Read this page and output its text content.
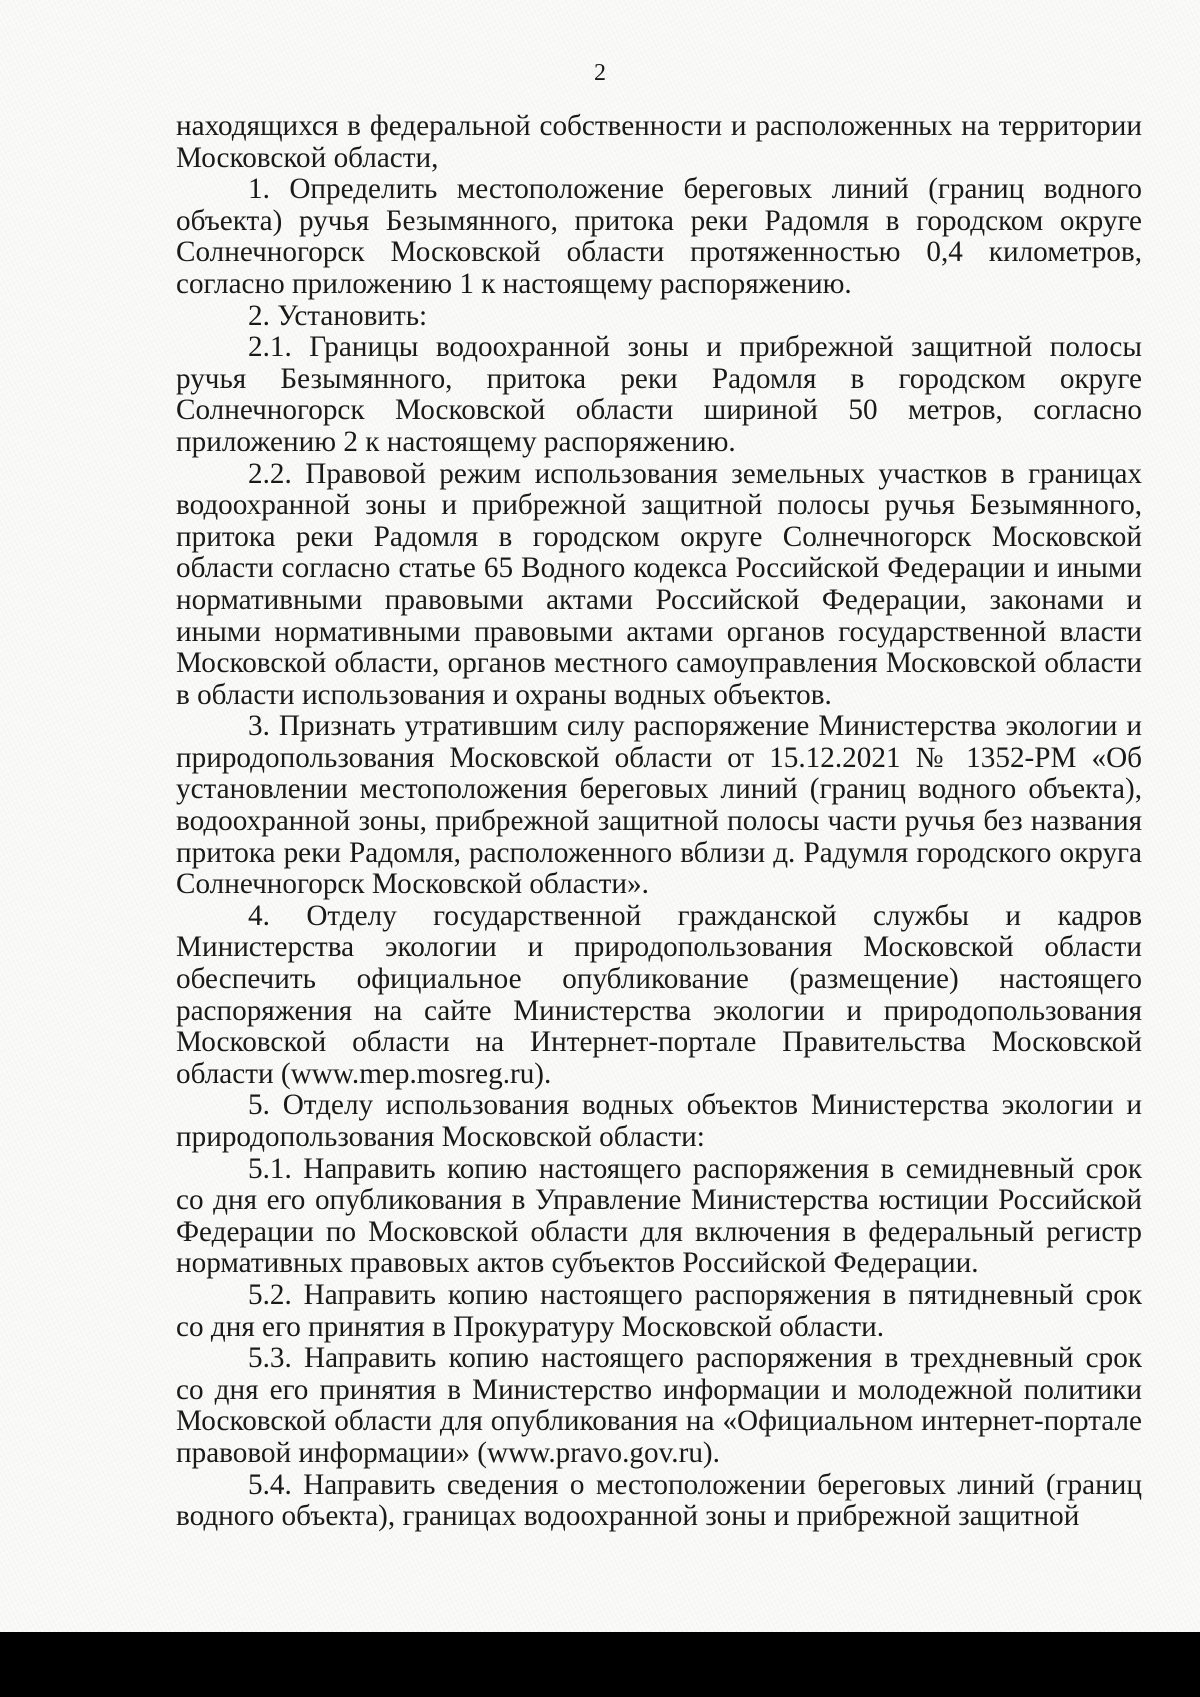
2

находящихся в федеральной собственности и расположенных на территории Московской области,

1. Определить местоположение береговых линий (границ водного объекта) ручья Безымянного, притока реки Радомля в городском округе Солнечногорск Московской области протяженностью 0,4 километров, согласно приложению 1 к настоящему распоряжению.

2. Установить:

2.1. Границы водоохранной зоны и прибрежной защитной полосы ручья Безымянного, притока реки Радомля в городском округе Солнечногорск Московской области шириной 50 метров, согласно приложению 2 к настоящему распоряжению.

2.2. Правовой режим использования земельных участков в границах водоохранной зоны и прибрежной защитной полосы ручья Безымянного, притока реки Радомля в городском округе Солнечногорск Московской области согласно статье 65 Водного кодекса Российской Федерации и иными нормативными правовыми актами Российской Федерации, законами и иными нормативными правовыми актами органов государственной власти Московской области, органов местного самоуправления Московской области в области использования и охраны водных объектов.

3. Признать утратившим силу распоряжение Министерства экологии и природопользования Московской области от 15.12.2021 № 1352-РМ «Об установлении местоположения береговых линий (границ водного объекта), водоохранной зоны, прибрежной защитной полосы части ручья без названия притока реки Радомля, расположенного вблизи д. Радумля городского округа Солнечногорск Московской области».

4. Отделу государственной гражданской службы и кадров Министерства экологии и природопользования Московской области обеспечить официальное опубликование (размещение) настоящего распоряжения на сайте Министерства экологии и природопользования Московской области на Интернет-портале Правительства Московской области (www.mep.mosreg.ru).

5. Отделу использования водных объектов Министерства экологии и природопользования Московской области:

5.1. Направить копию настоящего распоряжения в семидневный срок со дня его опубликования в Управление Министерства юстиции Российской Федерации по Московской области для включения в федеральный регистр нормативных правовых актов субъектов Российской Федерации.

5.2. Направить копию настоящего распоряжения в пятидневный срок со дня его принятия в Прокуратуру Московской области.

5.3. Направить копию настоящего распоряжения в трехдневный срок со дня его принятия в Министерство информации и молодежной политики Московской области для опубликования на «Официальном интернет-портале правовой информации» (www.pravo.gov.ru).

5.4. Направить сведения о местоположении береговых линий (границ водного объекта), границах водоохранной зоны и прибрежной защитной
